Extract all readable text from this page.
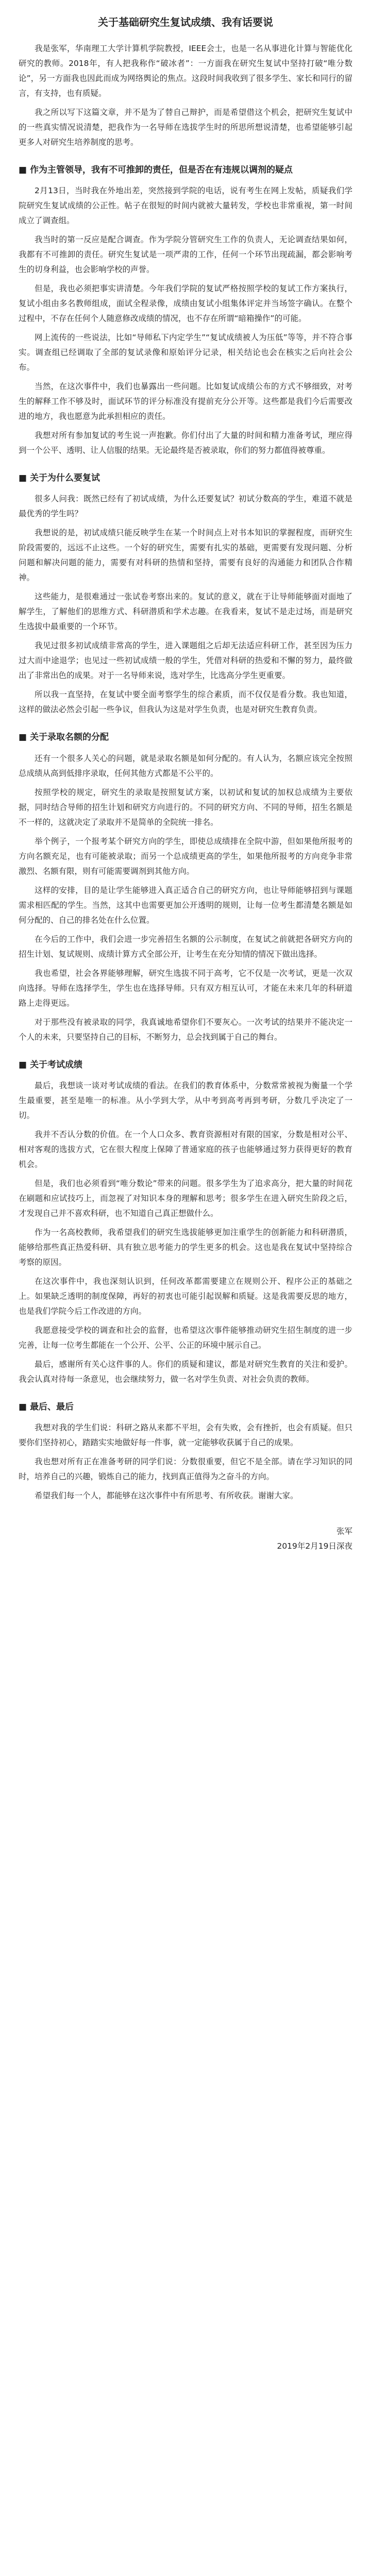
关于基础研究生复试成绩、我有话要说

我是张军，华南理工大学计算机学院教授，IEEE会士，也是一名从事进化计算与智能优化研究的教师。2018年，有人把我称作“破冰者”：一方面我在研究生复试中坚持打破“唯分数论”，另一方面我也因此而成为网络舆论的焦点。这段时间我收到了很多学生、家长和同行的留言，有支持，也有质疑。

我之所以写下这篇文章，并不是为了替自己辩护，而是希望借这个机会，把研究生复试中的一些真实情况说清楚，把我作为一名导师在选拔学生时的所思所想说清楚，也希望能够引起更多人对研究生培养制度的思考。

■ 作为主管领导，我有不可推卸的责任，但是否在有违规以调剂的疑点

2月13日，当时我在外地出差，突然接到学院的电话，说有考生在网上发帖，质疑我们学院研究生复试成绩的公正性。帖子在很短的时间内就被大量转发，学校也非常重视，第一时间成立了调查组。

我当时的第一反应是配合调查。作为学院分管研究生工作的负责人，无论调查结果如何，我都有不可推卸的责任。研究生复试是一项严肃的工作，任何一个环节出现疏漏，都会影响考生的切身利益，也会影响学校的声誉。

但是，我也必须把事实讲清楚。今年我们学院的复试严格按照学校的复试工作方案执行，复试小组由多名教师组成，面试全程录像，成绩由复试小组集体评定并当场签字确认。在整个过程中，不存在任何个人随意修改成绩的情况，也不存在所谓“暗箱操作”的可能。

网上流传的一些说法，比如“导师私下内定学生”“复试成绩被人为压低”等等，并不符合事实。调查组已经调取了全部的复试录像和原始评分记录，相关结论也会在核实之后向社会公布。

当然，在这次事件中，我们也暴露出一些问题。比如复试成绩公布的方式不够细致，对考生的解释工作不够及时，面试环节的评分标准没有提前充分公开等。这些都是我们今后需要改进的地方，我也愿意为此承担相应的责任。

我想对所有参加复试的考生说一声抱歉。你们付出了大量的时间和精力准备考试，理应得到一个公平、透明、让人信服的结果。无论最终是否被录取，你们的努力都值得被尊重。

■ 关于为什么要复试

很多人问我：既然已经有了初试成绩，为什么还要复试？初试分数高的学生，难道不就是最优秀的学生吗？

我想说的是，初试成绩只能反映学生在某一个时间点上对书本知识的掌握程度，而研究生阶段需要的，远远不止这些。一个好的研究生，需要有扎实的基础，更需要有发现问题、分析问题和解决问题的能力，需要有对科研的热情和坚持，需要有良好的沟通能力和团队合作精神。

这些能力，是很难通过一张试卷考察出来的。复试的意义，就在于让导师能够面对面地了解学生，了解他们的思维方式、科研潜质和学术志趣。在我看来，复试不是走过场，而是研究生选拔中最重要的一个环节。

我见过很多初试成绩非常高的学生，进入课题组之后却无法适应科研工作，甚至因为压力过大而中途退学；也见过一些初试成绩一般的学生，凭借对科研的热爱和不懈的努力，最终做出了非常出色的成果。对于一名导师来说，选对学生，比选高分学生更重要。

所以我一直坚持，在复试中要全面考察学生的综合素质，而不仅仅是看分数。我也知道，这样的做法必然会引起一些争议，但我认为这是对学生负责，也是对研究生教育负责。

■ 关于录取名额的分配

还有一个很多人关心的问题，就是录取名额是如何分配的。有人认为，名额应该完全按照总成绩从高到低排序录取，任何其他方式都是不公平的。

按照学校的规定，研究生的录取是按照复试方案，以初试和复试的加权总成绩为主要依据，同时结合导师的招生计划和研究方向进行的。不同的研究方向、不同的导师，招生名额是不一样的，这就决定了录取并不是简单的全院统一排名。

举个例子，一个报考某个研究方向的学生，即使总成绩排在全院中游，但如果他所报考的方向名额充足，也有可能被录取；而另一个总成绩更高的学生，如果他所报考的方向竞争非常激烈、名额有限，则有可能需要调剂到其他方向。

这样的安排，目的是让学生能够进入真正适合自己的研究方向，也让导师能够招到与课题需求相匹配的学生。当然，这其中也需要更加公开透明的规则，让每一位考生都清楚名额是如何分配的、自己的排名处在什么位置。

在今后的工作中，我们会进一步完善招生名额的公示制度，在复试之前就把各研究方向的招生计划、复试规则、成绩计算方式全部公开，让考生在充分知情的情况下做出选择。

我也希望，社会各界能够理解，研究生选拔不同于高考，它不仅是一次考试，更是一次双向选择。导师在选择学生，学生也在选择导师。只有双方相互认可，才能在未来几年的科研道路上走得更远。

对于那些没有被录取的同学，我真诚地希望你们不要灰心。一次考试的结果并不能决定一个人的未来，只要坚持自己的目标，不断努力，总会找到属于自己的舞台。

■ 关于考试成绩

最后，我想谈一谈对考试成绩的看法。在我们的教育体系中，分数常常被视为衡量一个学生最重要，甚至是唯一的标准。从小学到大学，从中考到高考再到考研，分数几乎决定了一切。

我并不否认分数的价值。在一个人口众多、教育资源相对有限的国家，分数是相对公平、相对客观的选拔方式，它在很大程度上保障了普通家庭的孩子也能够通过努力获得更好的教育机会。

但是，我们也必须看到“唯分数论”带来的问题。很多学生为了追求高分，把大量的时间花在刷题和应试技巧上，而忽视了对知识本身的理解和思考；很多学生在进入研究生阶段之后，才发现自己并不喜欢科研，也不知道自己真正想做什么。

作为一名高校教师，我希望我们的研究生选拔能够更加注重学生的创新能力和科研潜质，能够给那些真正热爱科研、具有独立思考能力的学生更多的机会。这也是我在复试中坚持综合考察的原因。

在这次事件中，我也深刻认识到，任何改革都需要建立在规则公开、程序公正的基础之上。如果缺乏透明的制度保障，再好的初衷也可能引起误解和质疑。这是我需要反思的地方，也是我们学院今后工作改进的方向。

我愿意接受学校的调查和社会的监督，也希望这次事件能够推动研究生招生制度的进一步完善，让每一位考生都能在一个公开、公平、公正的环境中展示自己。

最后，感谢所有关心这件事的人。你们的质疑和建议，都是对研究生教育的关注和爱护。我会认真对待每一条意见，也会继续努力，做一名对学生负责、对社会负责的教师。

■ 最后、最后

我想对我的学生们说：科研之路从来都不平坦，会有失败，会有挫折，也会有质疑。但只要你们坚持初心，踏踏实实地做好每一件事，就一定能够收获属于自己的成果。

我也想对所有正在准备考研的同学们说：分数很重要，但它不是全部。请在学习知识的同时，培养自己的兴趣，锻炼自己的能力，找到真正值得为之奋斗的方向。

希望我们每一个人，都能够在这次事件中有所思考、有所收获。谢谢大家。

张军
2019年2月19日深夜
